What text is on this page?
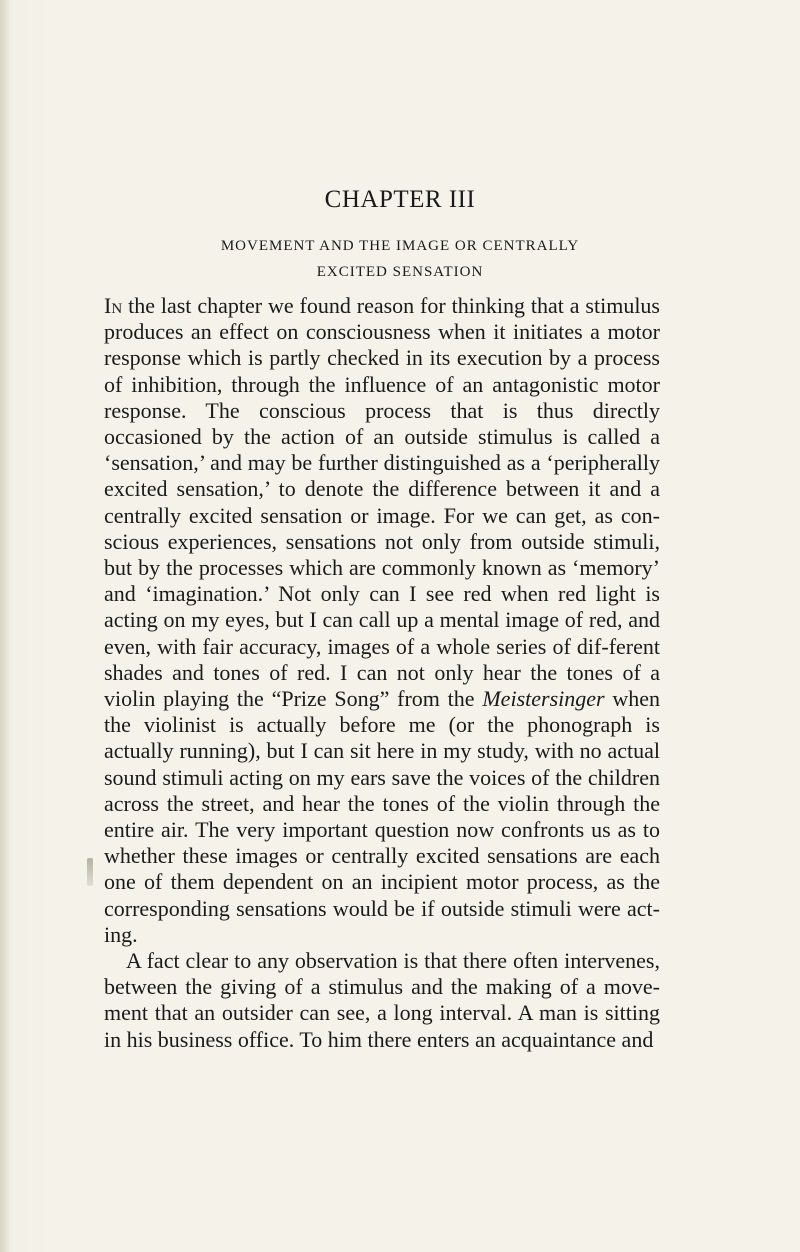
CHAPTER III
MOVEMENT AND THE IMAGE OR CENTRALLY
EXCITED SENSATION

In the last chapter we found reason for thinking that a stimulus produces an effect on consciousness when it initiates a motor response which is partly checked in its execution by a process of inhibition, through the influence of an antagonistic motor response. The conscious process that is thus directly occasioned by the action of an outside stimulus is called a ‘sensation,’ and may be further distinguished as a ‘peripherally excited sensation,’ to denote the difference between it and a centrally excited sensation or image. For we can get, as con-scious experiences, sensations not only from outside stimuli, but by the processes which are commonly known as ‘memory’ and ‘imagination.’ Not only can I see red when red light is acting on my eyes, but I can call up a mental image of red, and even, with fair accuracy, images of a whole series of dif-ferent shades and tones of red. I can not only hear the tones of a violin playing the “Prize Song” from the Meistersinger when the violinist is actually before me (or the phonograph is actually running), but I can sit here in my study, with no actual sound stimuli acting on my ears save the voices of the children across the street, and hear the tones of the violin through the entire air. The very important question now confronts us as to whether these images or centrally excited sensations are each one of them dependent on an incipient motor process, as the corresponding sensations would be if outside stimuli were act-ing.

A fact clear to any observation is that there often intervenes, between the giving of a stimulus and the making of a move-ment that an outsider can see, a long interval. A man is sitting in his business office. To him there enters an acquaintance and
